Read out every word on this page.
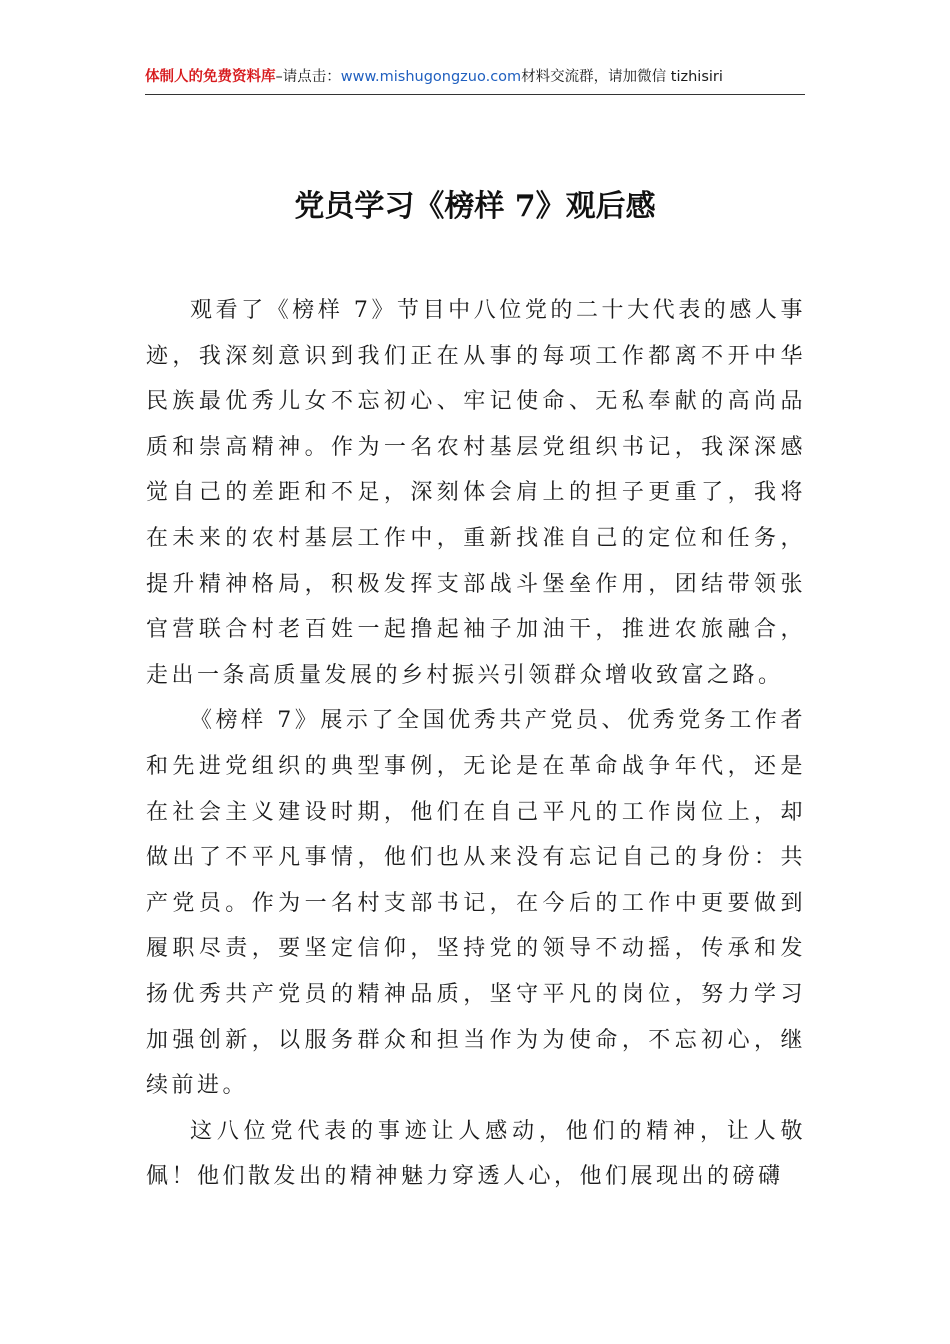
体制人的免费资料库 –请点击： www.mishugongzuo.com 材料交流群，请加微信 tizhisiri
党员学习《榜样 7》观后感

观看了《榜样 7》节目中八位党的二十大代表的感人事迹，我深刻意识到我们正在从事的每项工作都离不开中华民族最优秀儿女不忘初心、牢记使命、无私奉献的高尚品质和崇高精神。作为一名农村基层党组织书记，我深深感觉自己的差距和不足，深刻体会肩上的担子更重了，我将在未来的农村基层工作中，重新找准自己的定位和任务，提升精神格局，积极发挥支部战斗堡垒作用，团结带领张官营联合村老百姓一起撸起袖子加油干，推进农旅融合，走出一条高质量发展的乡村振兴引领群众增收致富之路。

《榜样 7》展示了全国优秀共产党员、优秀党务工作者和先进党组织的典型事例，无论是在革命战争年代，还是在社会主义建设时期，他们在自己平凡的工作岗位上，却做出了不平凡事情，他们也从来没有忘记自己的身份：共产党员。作为一名村支部书记，在今后的工作中更要做到履职尽责，要坚定信仰，坚持党的领导不动摇，传承和发扬优秀共产党员的精神品质，坚守平凡的岗位，努力学习加强创新，以服务群众和担当作为为使命，不忘初心，继续前进。

这八位党代表的事迹让人感动，他们的精神，让人敬佩！他们散发出的精神魅力穿透人心，他们展现出的磅礴
